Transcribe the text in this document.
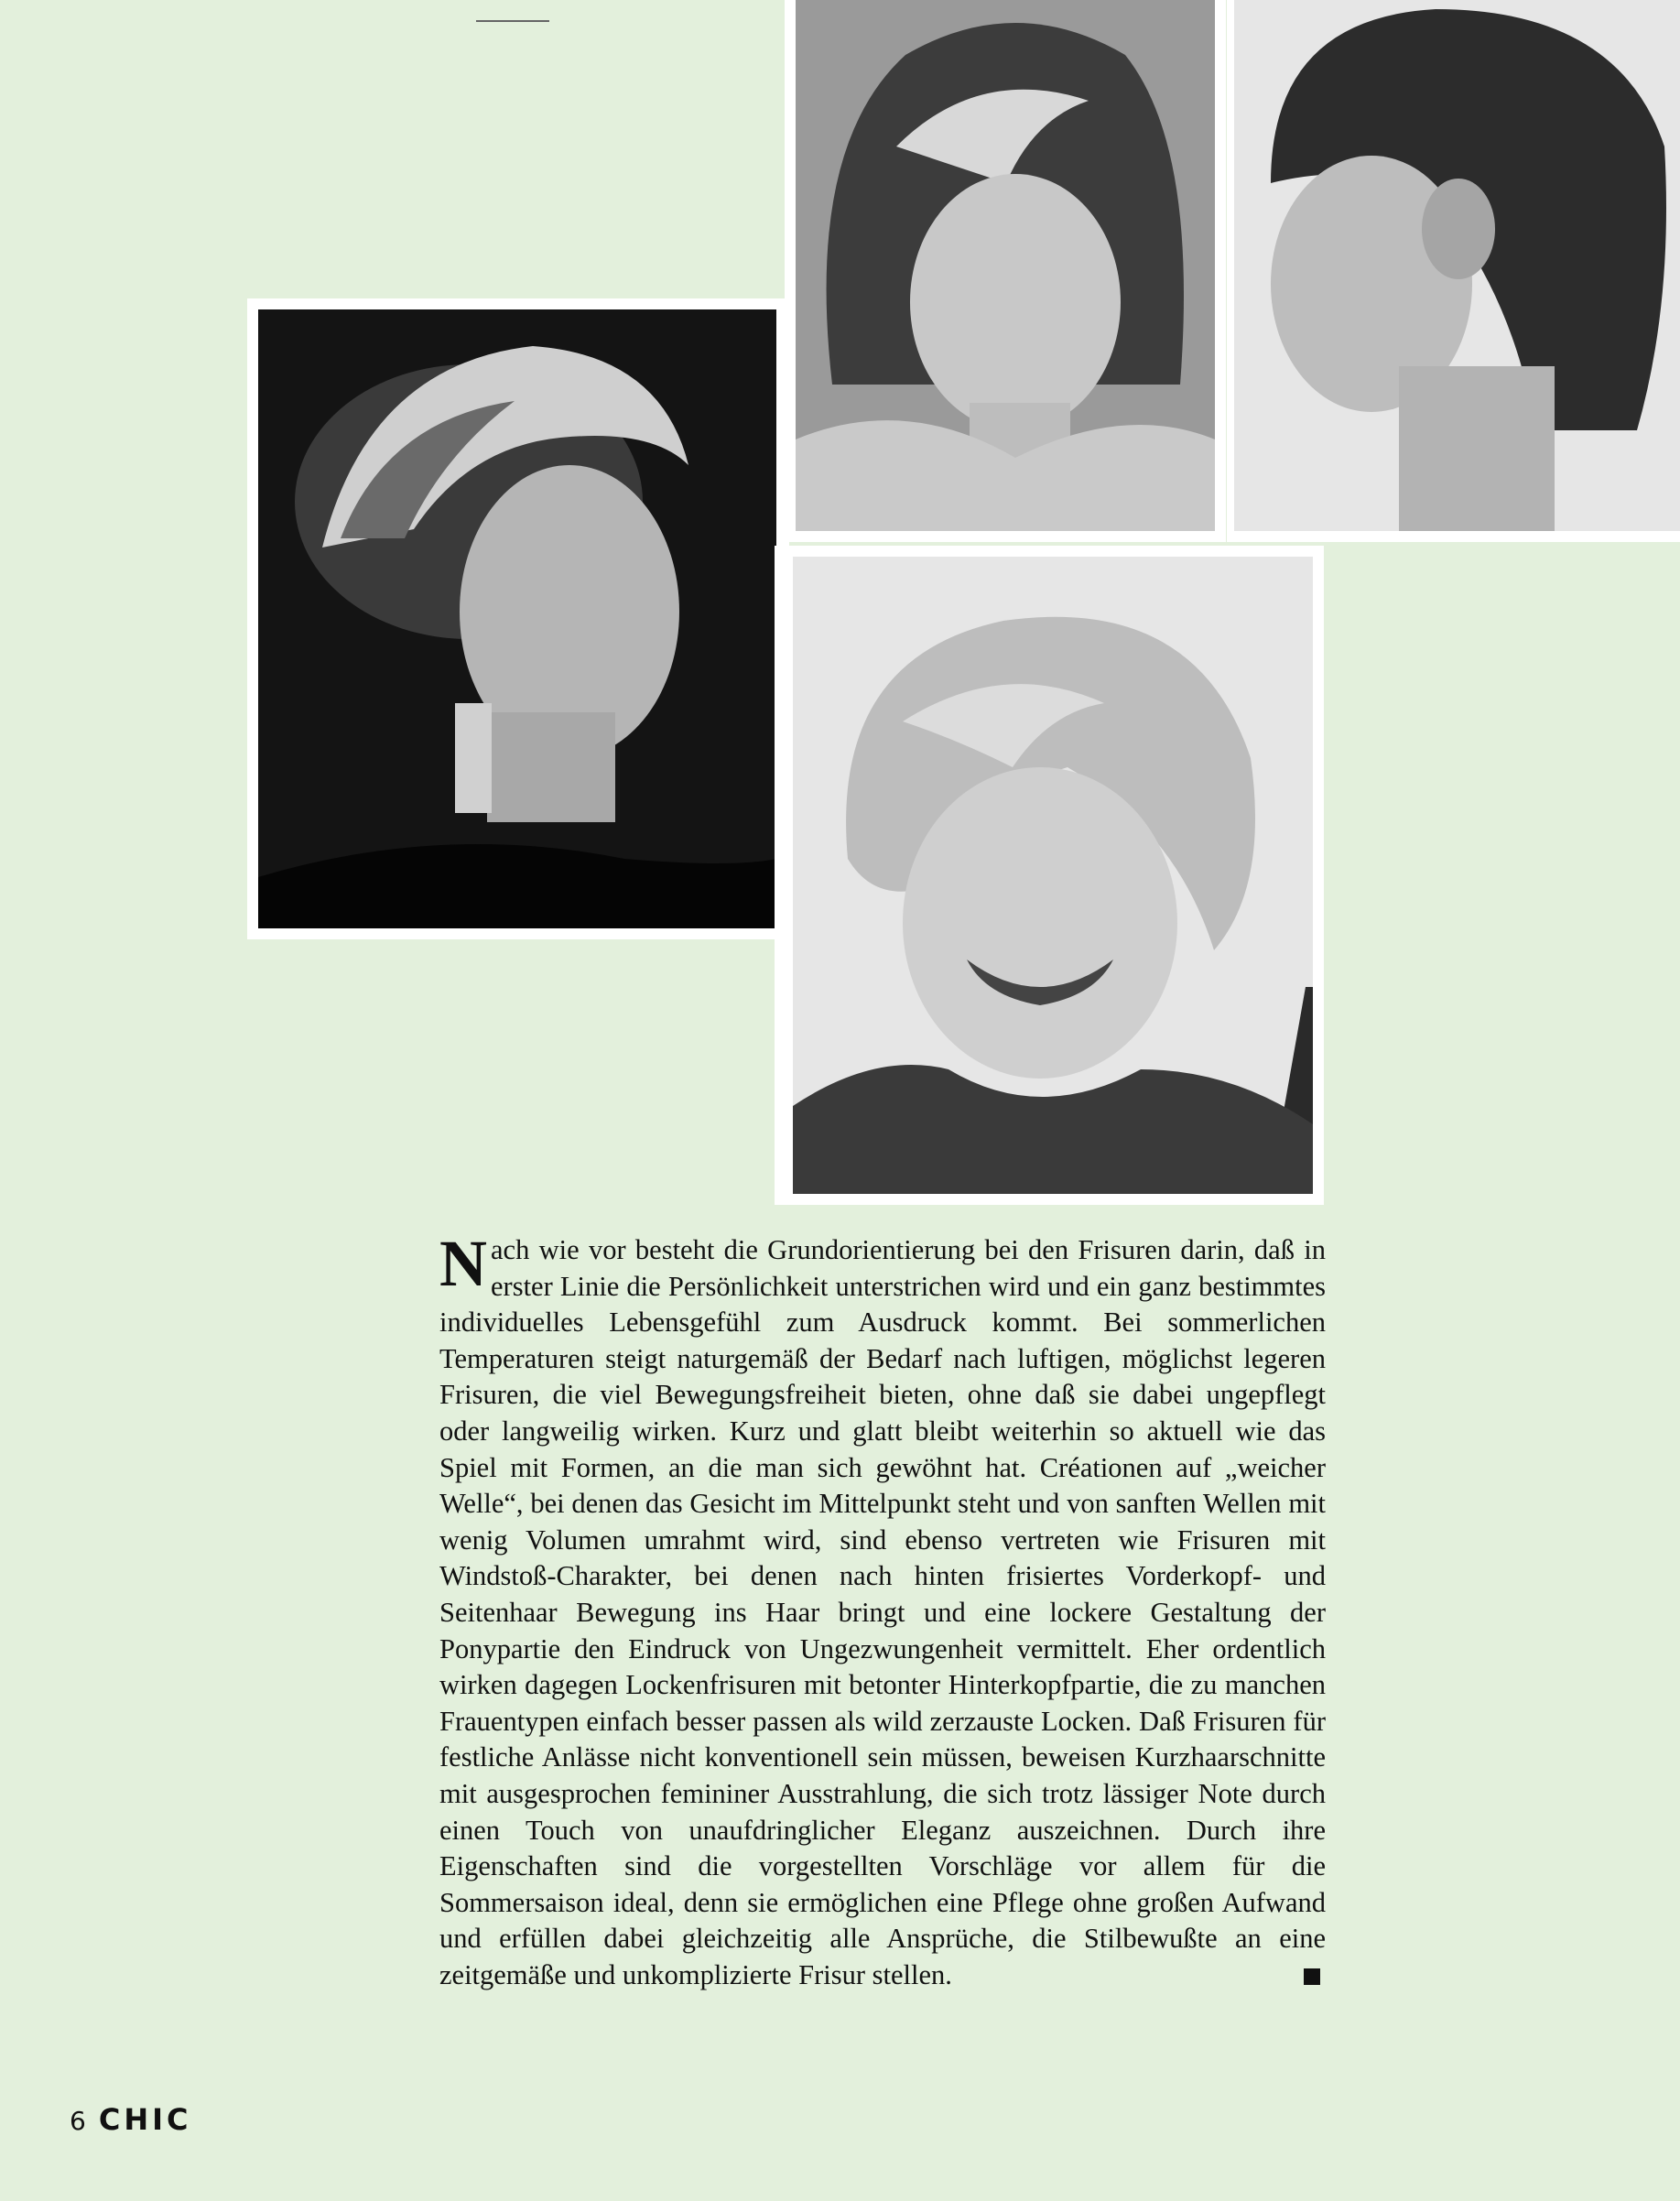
Nach wie vor besteht die Grundorientierung bei den Frisuren darin, daß in erster Linie die Persönlichkeit unterstrichen wird und ein ganz bestimmtes individuelles Lebensgefühl zum Ausdruck kommt. Bei sommerlichen Temperaturen steigt naturgemäß der Bedarf nach luftigen, möglichst legeren Frisuren, die viel Bewegungsfreiheit bieten, ohne daß sie dabei ungepflegt oder langweilig wirken. Kurz und glatt bleibt weiterhin so aktuell wie das Spiel mit Formen, an die man sich gewöhnt hat. Créationen auf „weicher Welle“, bei denen das Gesicht im Mittelpunkt steht und von sanften Wellen mit wenig Volumen umrahmt wird, sind ebenso vertreten wie Frisuren mit Windstoß-Charakter, bei denen nach hinten frisiertes Vorderkopf- und Seitenhaar Bewegung ins Haar bringt und eine lockere Gestaltung der Ponypartie den Eindruck von Ungezwungenheit vermittelt. Eher ordentlich wirken dagegen Lockenfrisuren mit betonter Hinterkopfpartie, die zu manchen Frauentypen einfach besser passen als wild zerzauste Locken. Daß Frisuren für festliche Anlässe nicht konventionell sein müssen, beweisen Kurzhaarschnitte mit ausgesprochen femininer Ausstrahlung, die sich trotz lässiger Note durch einen Touch von unaufdringlicher Eleganz auszeichnen. Durch ihre Eigenschaften sind die vorgestellten Vorschläge vor allem für die Sommersaison ideal, denn sie ermöglichen eine Pflege ohne großen Aufwand und erfüllen dabei gleichzeitig alle Ansprüche, die Stilbewußte an eine zeitgemäße und unkomplizierte Frisur stellen.
6 CHIC
